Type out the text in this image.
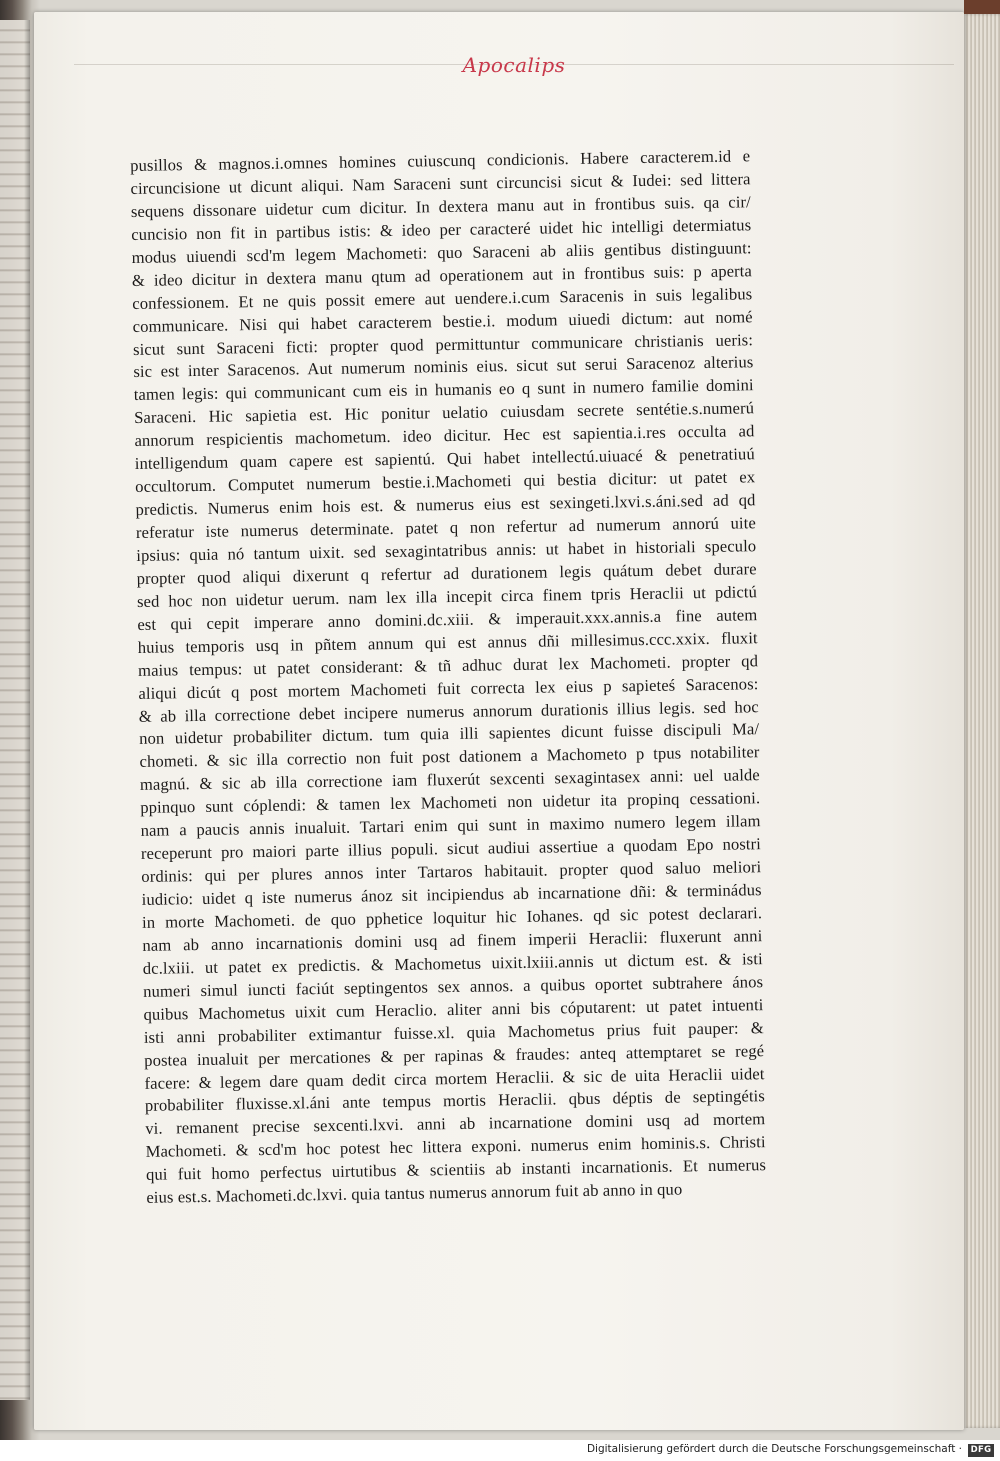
Apocalips
pusillos & magnos.i.omnes homines cuiuscunq condicionis. Habere caracterem.id e
circuncisione ut dicunt aliqui. Nam Saraceni sunt circuncisi sicut & Iudei: sed littera
sequens dissonare uidetur cum dicitur. In dextera manu aut in frontibus suis. qa cir/
cuncisio non fit in partibus istis: & ideo per caracteré uidet hic intelligi determiatus
modus uiuendi scd'm legem Machometi: quo Saraceni ab aliis gentibus distinguunt:
& ideo dicitur in dextera manu qtum ad operationem aut in frontibus suis: p aperta
confessionem. Et ne quis possit emere aut uendere.i.cum Saracenis in suis legalibus
communicare. Nisi qui habet caracterem bestie.i. modum uiuedi dictum: aut nomé
sicut sunt Saraceni ficti: propter quod permittuntur communicare christianis ueris:
sic est inter Saracenos. Aut numerum nominis eius. sicut sut serui Saracenoz alterius
tamen legis: qui communicant cum eis in humanis eo q sunt in numero familie domini
Saraceni. Hic sapietia est. Hic ponitur uelatio cuiusdam secrete sentétie.s.numerú
annorum respicientis machometum. ideo dicitur. Hec est sapientia.i.res occulta ad
intelligendum quam capere est sapientú. Qui habet intellectú.uiuacé & penetratiuú
occultorum. Computet numerum bestie.i.Machometi qui bestia dicitur: ut patet ex
predictis. Numerus enim hois est. & numerus eius est sexingeti.lxvi.s.áni.sed ad qd
referatur iste numerus determinate. patet q non refertur ad numerum annorú uite
ipsius: quia nó tantum uixit. sed sexagintatribus annis: ut habet in historiali speculo
propter quod aliqui dixerunt q refertur ad durationem legis quátum debet durare
sed hoc non uidetur uerum. nam lex illa incepit circa finem tpris Heraclii ut pdictú
est qui cepit imperare anno domini.dc.xiii. & imperauit.xxx.annis.a fine autem
huius temporis usq in pñtem annum qui est annus dñi millesimus.ccc.xxix. fluxit
maius tempus: ut patet considerant: & tñ adhuc durat lex Machometi. propter qd
aliqui dicút q post mortem Machometi fuit correcta lex eius p sapieteś Saracenos:
& ab illa correctione debet incipere numerus annorum durationis illius legis. sed hoc
non uidetur probabiliter dictum. tum quia illi sapientes dicunt fuisse discipuli Ma/
chometi. & sic illa correctio non fuit post dationem a Machometo p tpus notabiliter
magnú. & sic ab illa correctione iam fluxerút sexcenti sexagintasex anni: uel ualde
ppinquo sunt cóplendi: & tamen lex Machometi non uidetur ita propinq cessationi.
nam a paucis annis inualuit. Tartari enim qui sunt in maximo numero legem illam
receperunt pro maiori parte illius populi. sicut audiui assertiue a quodam Epo nostri
ordinis: qui per plures annos inter Tartaros habitauit. propter quod saluo meliori
iudicio: uidet q iste numerus ánoz sit incipiendus ab incarnatione dñi: & terminádus
in morte Machometi. de quo pphetice loquitur hic Iohanes. qd sic potest declarari.
nam ab anno incarnationis domini usq ad finem imperii Heraclii: fluxerunt anni
dc.lxiii. ut patet ex predictis. & Machometus uixit.lxiii.annis ut dictum est. & isti
numeri simul iuncti faciút septingentos sex annos. a quibus oportet subtrahere ános
quibus Machometus uixit cum Heraclio. aliter anni bis cóputarent: ut patet intuenti
isti anni probabiliter extimantur fuisse.xl. quia Machometus prius fuit pauper: &
postea inualuit per mercationes & per rapinas & fraudes: anteq attemptaret se regé
facere: & legem dare quam dedit circa mortem Heraclii. & sic de uita Heraclii uidet
probabiliter fluxisse.xl.áni ante tempus mortis Heraclii. qbus déptis de septingétis
vi. remanent precise sexcenti.lxvi. anni ab incarnatione domini usq ad mortem
Machometi. & scd'm hoc potest hec littera exponi. numerus enim hominis.s. Christi
qui fuit homo perfectus uirtutibus & scientiis ab instanti incarnationis. Et numerus
eius est.s. Machometi.dc.lxvi. quia tantus numerus annorum fuit ab anno in quo
Digitalisierung gefördert durch die Deutsche Forschungsgemeinschaft ·	DFG
